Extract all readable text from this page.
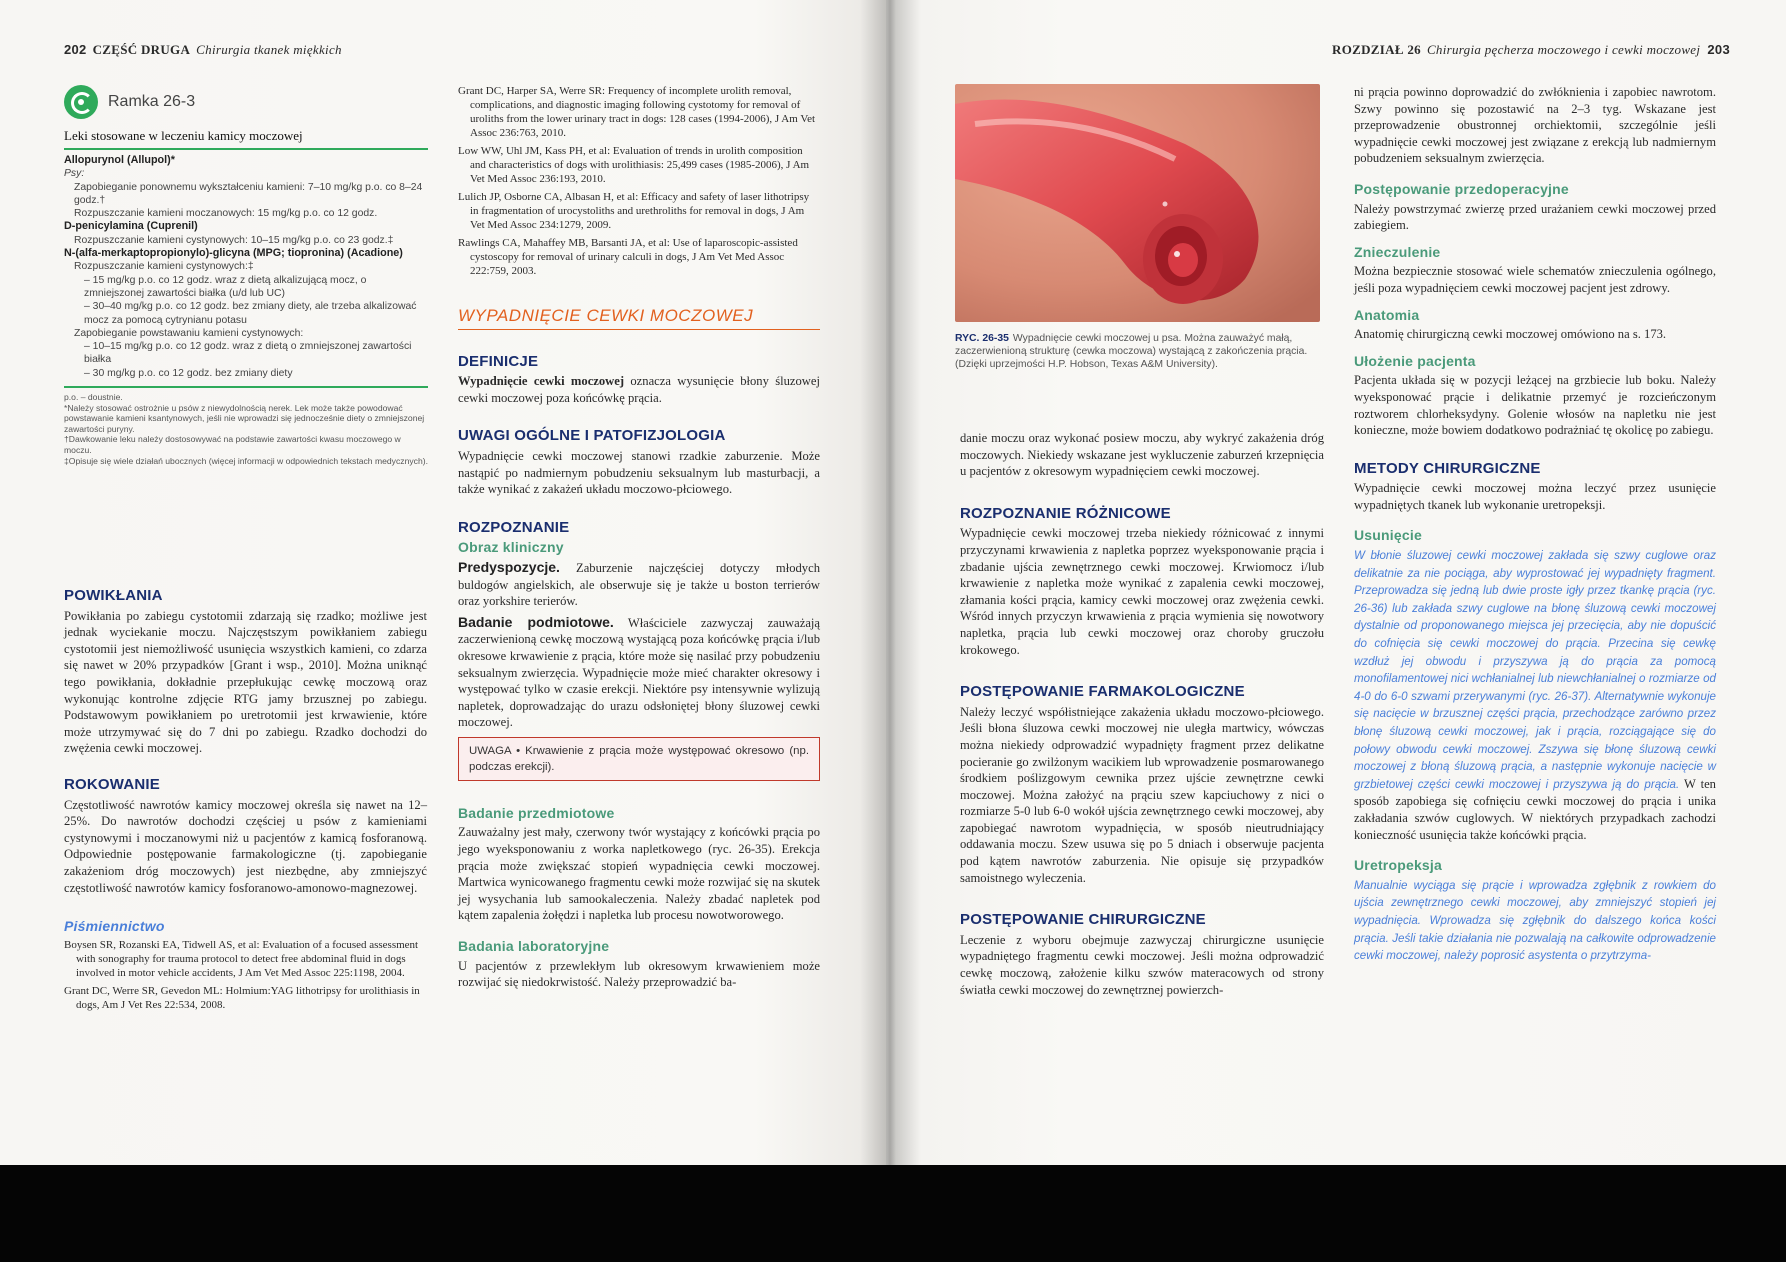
202 CZĘŚĆ DRUGA Chirurgia tkanek miękkich
Ramka 26-3

Leki stosowane w leczeniu kamicy moczowej

Allopurynol (Allupol)*

Psy:

Zapobieganie ponownemu wykształceniu kamieni: 7–10 mg/kg p.o. co 8–24 godz.†

Rozpuszczanie kamieni moczanowych: 15 mg/kg p.o. co 12 godz.

D-penicylamina (Cuprenil)

Rozpuszczanie kamieni cystynowych: 10–15 mg/kg p.o. co 23 godz.‡

N-(alfa-merkaptopropionylo)-glicyna (MPG; tiopronina) (Acadione)

Rozpuszczanie kamieni cystynowych:‡

– 15 mg/kg p.o. co 12 godz. wraz z dietą alkalizującą mocz, o zmniejszonej zawartości białka (u/d lub UC)

– 30–40 mg/kg p.o. co 12 godz. bez zmiany diety, ale trzeba alkalizować mocz za pomocą cytrynianu potasu

Zapobieganie powstawaniu kamieni cystynowych:

– 10–15 mg/kg p.o. co 12 godz. wraz z dietą o zmniejszonej zawartości białka

– 30 mg/kg p.o. co 12 godz. bez zmiany diety

p.o. – doustnie.
*Należy stosować ostrożnie u psów z niewydolnością nerek. Lek może także powodować powstawanie kamieni ksantynowych, jeśli nie wprowadzi się jednocześnie diety o zmniejszonej zawartości puryny.
†Dawkowanie leku należy dostosowywać na podstawie zawartości kwasu moczowego w moczu.
‡Opisuje się wiele działań ubocznych (więcej informacji w odpowiednich tekstach medycznych).
POWIKŁANIA

Powikłania po zabiegu cystotomii zdarzają się rzadko; możliwe jest jednak wyciekanie moczu. Najczęstszym powikłaniem zabiegu cystotomii jest niemożliwość usunięcia wszystkich kamieni, co zdarza się nawet w 20% przypadków [Grant i wsp., 2010]. Można uniknąć tego powikłania, dokładnie przepłukując cewkę moczową oraz wykonując kontrolne zdjęcie RTG jamy brzusznej po zabiegu. Podstawowym powikłaniem po uretrotomii jest krwawienie, które może utrzymywać się do 7 dni po zabiegu. Rzadko dochodzi do zwężenia cewki moczowej.

ROKOWANIE

Częstotliwość nawrotów kamicy moczowej określa się nawet na 12–25%. Do nawrotów dochodzi częściej u psów z kamieniami cystynowymi i moczanowymi niż u pacjentów z kamicą fosforanową. Odpowiednie postępowanie farmakologiczne (tj. zapobieganie zakażeniom dróg moczowych) jest niezbędne, aby zmniejszyć częstotliwość nawrotów kamicy fosforanowo-amonowo-magnezowej.

Piśmiennictwo

Boysen SR, Rozanski EA, Tidwell AS, et al: Evaluation of a focused assessment with sonography for trauma protocol to detect free abdominal fluid in dogs involved in motor vehicle accidents, J Am Vet Med Assoc 225:1198, 2004.

Grant DC, Werre SR, Gevedon ML: Holmium:YAG lithotripsy for urolithiasis in dogs, Am J Vet Res 22:534, 2008.

Grant DC, Harper SA, Werre SR: Frequency of incomplete urolith removal, complications, and diagnostic imaging following cystotomy for removal of uroliths from the lower urinary tract in dogs: 128 cases (1994-2006), J Am Vet Assoc 236:763, 2010.

Low WW, Uhl JM, Kass PH, et al: Evaluation of trends in urolith composition and characteristics of dogs with urolithiasis: 25,499 cases (1985-2006), J Am Vet Med Assoc 236:193, 2010.

Lulich JP, Osborne CA, Albasan H, et al: Efficacy and safety of laser lithotripsy in fragmentation of urocystoliths and urethroliths for removal in dogs, J Am Vet Med Assoc 234:1279, 2009.

Rawlings CA, Mahaffey MB, Barsanti JA, et al: Use of laparoscopic-assisted cystoscopy for removal of urinary calculi in dogs, J Am Vet Med Assoc 222:759, 2003.

WYPADNIĘCIE CEWKI MOCZOWEJ

DEFINICJE

Wypadnięcie cewki moczowej oznacza wysunięcie błony śluzowej cewki moczowej poza końcówkę prącia.

UWAGI OGÓLNE I PATOFIZJOLOGIA

Wypadnięcie cewki moczowej stanowi rzadkie zaburzenie. Może nastąpić po nadmiernym pobudzeniu seksualnym lub masturbacji, a także wynikać z zakażeń układu moczowo-płciowego.

ROZPOZNANIE
Obraz kliniczny

Predyspozycje. Zaburzenie najczęściej dotyczy młodych buldogów angielskich, ale obserwuje się je także u boston terrierów oraz yorkshire terierów.

Badanie podmiotowe. Właściciele zazwyczaj zauważają zaczerwienioną cewkę moczową wystającą poza końcówkę prącia i/lub okresowe krwawienie z prącia, które może się nasilać przy pobudzeniu seksualnym zwierzęcia. Wypadnięcie może mieć charakter okresowy i występować tylko w czasie erekcji. Niektóre psy intensywnie wylizują napletek, doprowadzając do urazu odsłoniętej błony śluzowej cewki moczowej.

UWAGA • Krwawienie z prącia może występować okresowo (np. podczas erekcji).
Badanie przedmiotowe

Zauważalny jest mały, czerwony twór wystający z końcówki prącia po jego wyeksponowaniu z worka napletkowego (ryc. 26-35). Erekcja prącia może zwiększać stopień wypadnięcia cewki moczowej. Martwica wynicowanego fragmentu cewki może rozwijać się na skutek jej wysychania lub samookaleczenia. Należy zbadać napletek pod kątem zapalenia żołędzi i napletka lub procesu nowotworowego.

Badania laboratoryjne

U pacjentów z przewlekłym lub okresowym krwawieniem może rozwijać się niedokrwistość. Należy przeprowadzić ba-

ROZDZIAŁ 26 Chirurgia pęcherza moczowego i cewki moczowej 203
RYC. 26-35 Wypadnięcie cewki moczowej u psa. Można zauważyć małą, zaczerwienioną strukturę (cewka moczowa) wystającą z zakończenia prącia. (Dzięki uprzejmości H.P. Hobson, Texas A&M University).

danie moczu oraz wykonać posiew moczu, aby wykryć zakażenia dróg moczowych. Niekiedy wskazane jest wykluczenie zaburzeń krzepnięcia u pacjentów z okresowym wypadnięciem cewki moczowej.

ROZPOZNANIE RÓŻNICOWE

Wypadnięcie cewki moczowej trzeba niekiedy różnicować z innymi przyczynami krwawienia z napletka poprzez wyeksponowanie prącia i zbadanie ujścia zewnętrznego cewki moczowej. Krwiomocz i/lub krwawienie z napletka może wynikać z zapalenia cewki moczowej, złamania kości prącia, kamicy cewki moczowej oraz zwężenia cewki. Wśród innych przyczyn krwawienia z prącia wymienia się nowotwory napletka, prącia lub cewki moczowej oraz choroby gruczołu krokowego.

POSTĘPOWANIE FARMAKOLOGICZNE

Należy leczyć współistniejące zakażenia układu moczowo-płciowego. Jeśli błona śluzowa cewki moczowej nie uległa martwicy, wówczas można niekiedy odprowadzić wypadnięty fragment przez delikatne pocieranie go zwilżonym wacikiem lub wprowadzenie posmarowanego środkiem poślizgowym cewnika przez ujście zewnętrzne cewki moczowej. Można założyć na prąciu szew kapciuchowy z nici o rozmiarze 5-0 lub 6-0 wokół ujścia zewnętrznego cewki moczowej, aby zapobiegać nawrotom wypadnięcia, w sposób nieutrudniający oddawania moczu. Szew usuwa się po 5 dniach i obserwuje pacjenta pod kątem nawrotów zaburzenia. Nie opisuje się przypadków samoistnego wyleczenia.

POSTĘPOWANIE CHIRURGICZNE

Leczenie z wyboru obejmuje zazwyczaj chirurgiczne usunięcie wypadniętego fragmentu cewki moczowej. Jeśli można odprowadzić cewkę moczową, założenie kilku szwów materacowych od strony światła cewki moczowej do zewnętrznej powierzch-

ni prącia powinno doprowadzić do zwłóknienia i zapobiec nawrotom. Szwy powinno się pozostawić na 2–3 tyg. Wskazane jest przeprowadzenie obustronnej orchiektomii, szczególnie jeśli wypadnięcie cewki moczowej jest związane z erekcją lub nadmiernym pobudzeniem seksualnym zwierzęcia.

Postępowanie przedoperacyjne

Należy powstrzymać zwierzę przed urażaniem cewki moczowej przed zabiegiem.

Znieczulenie

Można bezpiecznie stosować wiele schematów znieczulenia ogólnego, jeśli poza wypadnięciem cewki moczowej pacjent jest zdrowy.

Anatomia

Anatomię chirurgiczną cewki moczowej omówiono na s. 173.

Ułożenie pacjenta

Pacjenta układa się w pozycji leżącej na grzbiecie lub boku. Należy wyeksponować prącie i delikatnie przemyć je rozcieńczonym roztworem chlorheksydyny. Golenie włosów na napletku nie jest konieczne, może bowiem dodatkowo podrażniać tę okolicę po zabiegu.

METODY CHIRURGICZNE

Wypadnięcie cewki moczowej można leczyć przez usunięcie wypadniętych tkanek lub wykonanie uretropeksji.

Usunięcie

W błonie śluzowej cewki moczowej zakłada się szwy cuglowe oraz delikatnie za nie pociąga, aby wyprostować jej wypadnięty fragment. Przeprowadza się jedną lub dwie proste igły przez tkankę prącia (ryc. 26-36) lub zakłada szwy cuglowe na błonę śluzową cewki moczowej dystalnie od proponowanego miejsca jej przecięcia, aby nie dopuścić do cofnięcia się cewki moczowej do prącia. Przecina się cewkę wzdłuż jej obwodu i przyszywa ją do prącia za pomocą monofilamentowej nici wchłanialnej lub niewchłanialnej o rozmiarze od 4-0 do 6-0 szwami przerywanymi (ryc. 26-37). Alternatywnie wykonuje się nacięcie w brzusznej części prącia, przechodzące zarówno przez błonę śluzową cewki moczowej, jak i prącia, rozciągające się do połowy obwodu cewki moczowej. Zszywa się błonę śluzową cewki moczowej z błoną śluzową prącia, a następnie wykonuje nacięcie w grzbietowej części cewki moczowej i przyszywa ją do prącia. W ten sposób zapobiega się cofnięciu cewki moczowej do prącia i unika zakładania szwów cuglowych. W niektórych przypadkach zachodzi konieczność usunięcia także końcówki prącia.

Uretropeksja

Manualnie wyciąga się prącie i wprowadza zgłębnik z rowkiem do ujścia zewnętrznego cewki moczowej, aby zmniejszyć stopień jej wypadnięcia. Wprowadza się zgłębnik do dalszego końca kości prącia. Jeśli takie działania nie pozwalają na całkowite odprowadzenie cewki moczowej, należy poprosić asystenta o przytrzyma-
